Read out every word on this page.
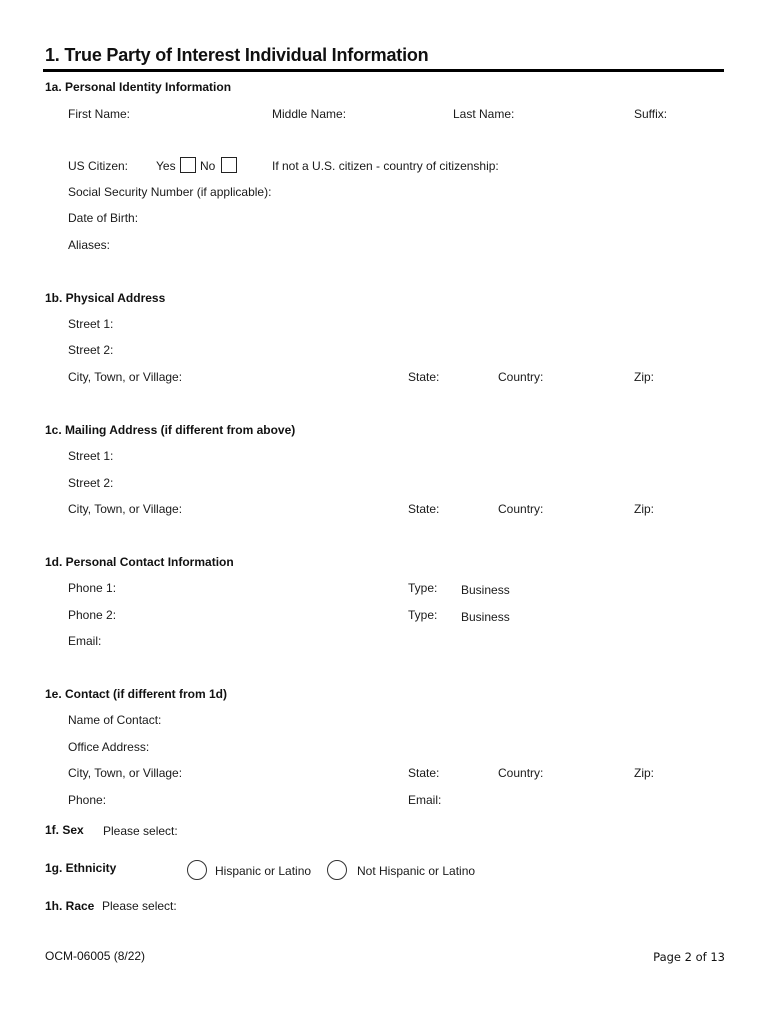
1. True Party of Interest Individual Information
1a. Personal Identity Information
First Name:	Middle Name:	Last Name:	Suffix:
US Citizen: Yes No	If not a U.S. citizen - country of citizenship:
Social Security Number (if applicable):
Date of Birth:
Aliases:
1b. Physical Address
Street 1:
Street 2:
City, Town, or Village:	State:	Country:	Zip:
1c. Mailing Address (if different from above)
Street 1:
Street 2:
City, Town, or Village:	State:	Country:	Zip:
1d. Personal Contact Information
Phone 1:	Type: Business
Phone 2:	Type: Business
Email:
1e. Contact (if different from 1d)
Name of Contact:
Office Address:
City, Town, or Village:	State:	Country:	Zip:
Phone:	Email:
1f. Sex Please select:
1g. Ethnicity	Hispanic or Latino	Not Hispanic or Latino
1h. Race Please select:
OCM-06005 (8/22)	Page 2 of 13
